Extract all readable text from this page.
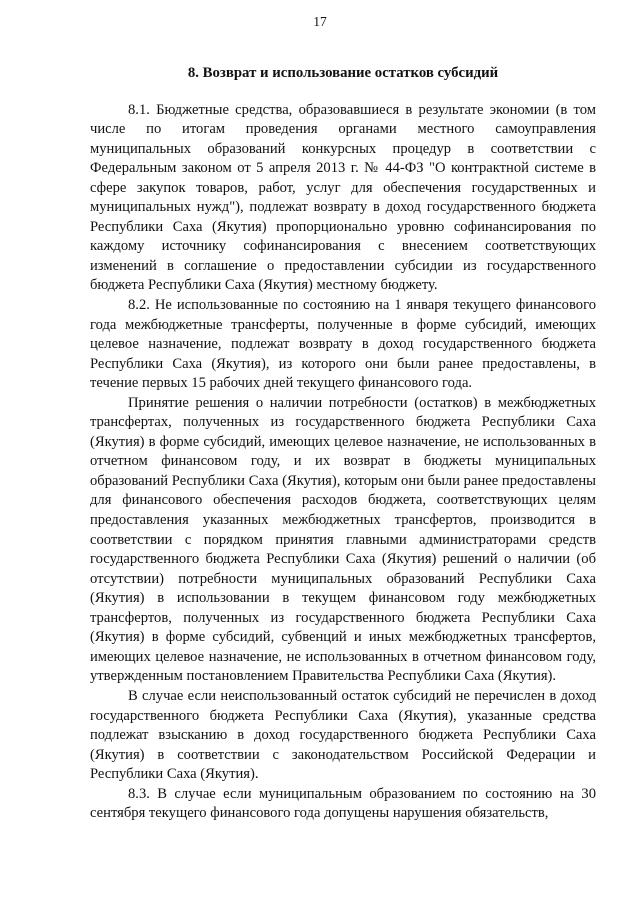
17
8. Возврат и использование остатков субсидий

8.1. Бюджетные средства, образовавшиеся в результате экономии (в том числе по итогам проведения органами местного самоуправления муниципальных образований конкурсных процедур в соответствии с Федеральным законом от 5 апреля 2013 г. № 44-ФЗ "О контрактной системе в сфере закупок товаров, работ, услуг для обеспечения государственных и муниципальных нужд"), подлежат возврату в доход государственного бюджета Республики Саха (Якутия) пропорционально уровню софинансирования по каждому источнику софинансирования с внесением соответствующих изменений в соглашение о предоставлении субсидии из государственного бюджета Республики Саха (Якутия) местному бюджету.

8.2. Не использованные по состоянию на 1 января текущего финансового года межбюджетные трансферты, полученные в форме субсидий, имеющих целевое назначение, подлежат возврату в доход государственного бюджета Республики Саха (Якутия), из которого они были ранее предоставлены, в течение первых 15 рабочих дней текущего финансового года.

Принятие решения о наличии потребности (остатков) в межбюджетных трансфертах, полученных из государственного бюджета Республики Саха (Якутия) в форме субсидий, имеющих целевое назначение, не использованных в отчетном финансовом году, и их возврат в бюджеты муниципальных образований Республики Саха (Якутия), которым они были ранее предоставлены для финансового обеспечения расходов бюджета, соответствующих целям предоставления указанных межбюджетных трансфертов, производится в соответствии с порядком принятия главными администраторами средств государственного бюджета Республики Саха (Якутия) решений о наличии (об отсутствии) потребности муниципальных образований Республики Саха (Якутия) в использовании в текущем финансовом году межбюджетных трансфертов, полученных из государственного бюджета Республики Саха (Якутия) в форме субсидий, субвенций и иных межбюджетных трансфертов, имеющих целевое назначение, не использованных в отчетном финансовом году, утвержденным постановлением Правительства Республики Саха (Якутия).

В случае если неиспользованный остаток субсидий не перечислен в доход государственного бюджета Республики Саха (Якутия), указанные средства подлежат взысканию в доход государственного бюджета Республики Саха (Якутия) в соответствии с законодательством Российской Федерации и Республики Саха (Якутия).

8.3. В случае если муниципальным образованием по состоянию на 30 сентября текущего финансового года допущены нарушения обязательств,
